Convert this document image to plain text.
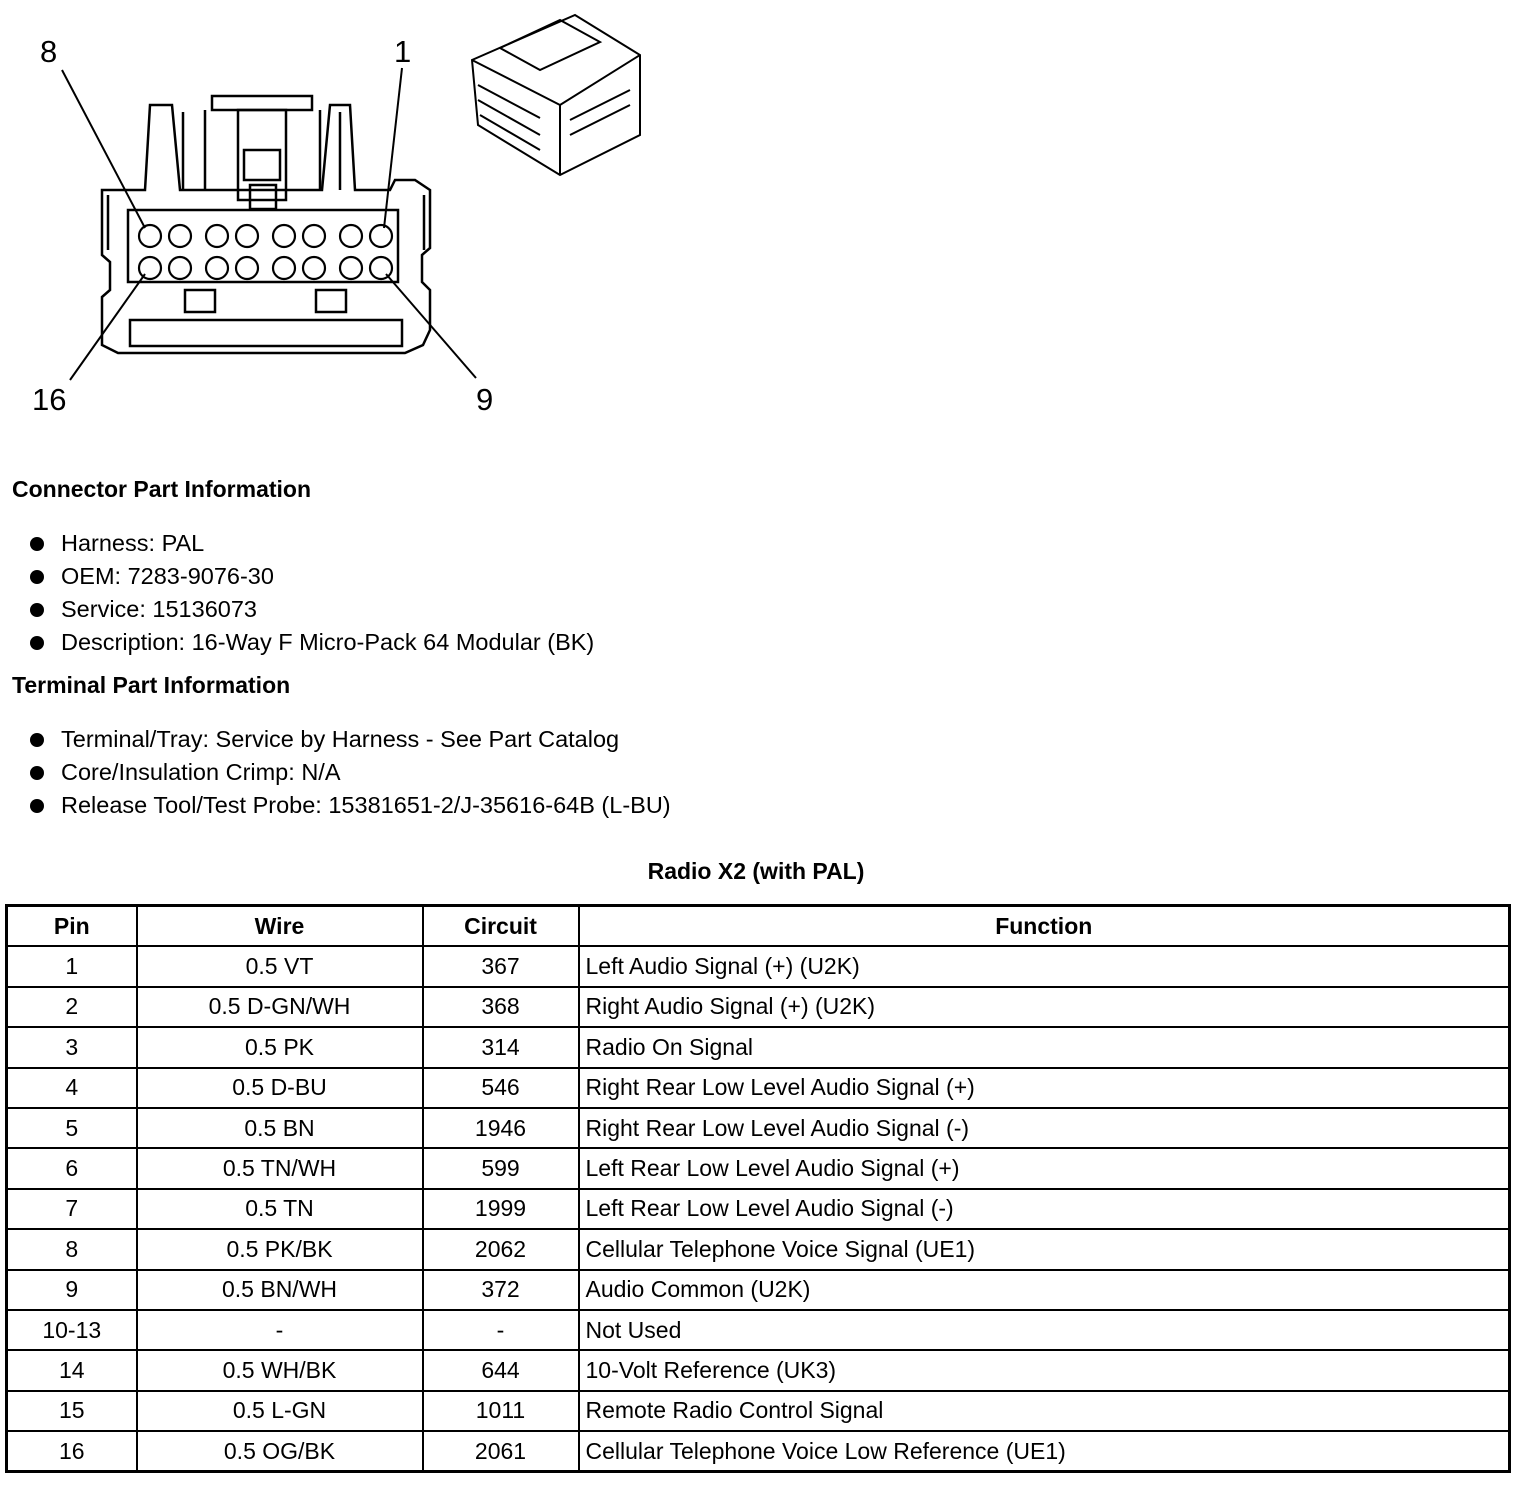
8	1
16	9
Connector Part Information
Harness: PAL
OEM: 7283-9076-30
Service: 15136073
Description: 16-Way F Micro-Pack 64 Modular (BK)
Terminal Part Information
Terminal/Tray: Service by Harness - See Part Catalog
Core/Insulation Crimp: N/A
Release Tool/Test Probe: 15381651-2/J-35616-64B (L-BU)
Radio X2 (with PAL)
Pin	Wire	Circuit	Function
1	0.5 VT	367	Left Audio Signal (+) (U2K)
2	0.5 D-GN/WH	368	Right Audio Signal (+) (U2K)
3	0.5 PK	314	Radio On Signal
4	0.5 D-BU	546	Right Rear Low Level Audio Signal (+)
5	0.5 BN	1946	Right Rear Low Level Audio Signal (-)
6	0.5 TN/WH	599	Left Rear Low Level Audio Signal (+)
7	0.5 TN	1999	Left Rear Low Level Audio Signal (-)
8	0.5 PK/BK	2062	Cellular Telephone Voice Signal (UE1)
9	0.5 BN/WH	372	Audio Common (U2K)
10-13	-	-	Not Used
14	0.5 WH/BK	644	10-Volt Reference (UK3)
15	0.5 L-GN	1011	Remote Radio Control Signal
16	0.5 OG/BK	2061	Cellular Telephone Voice Low Reference (UE1)
